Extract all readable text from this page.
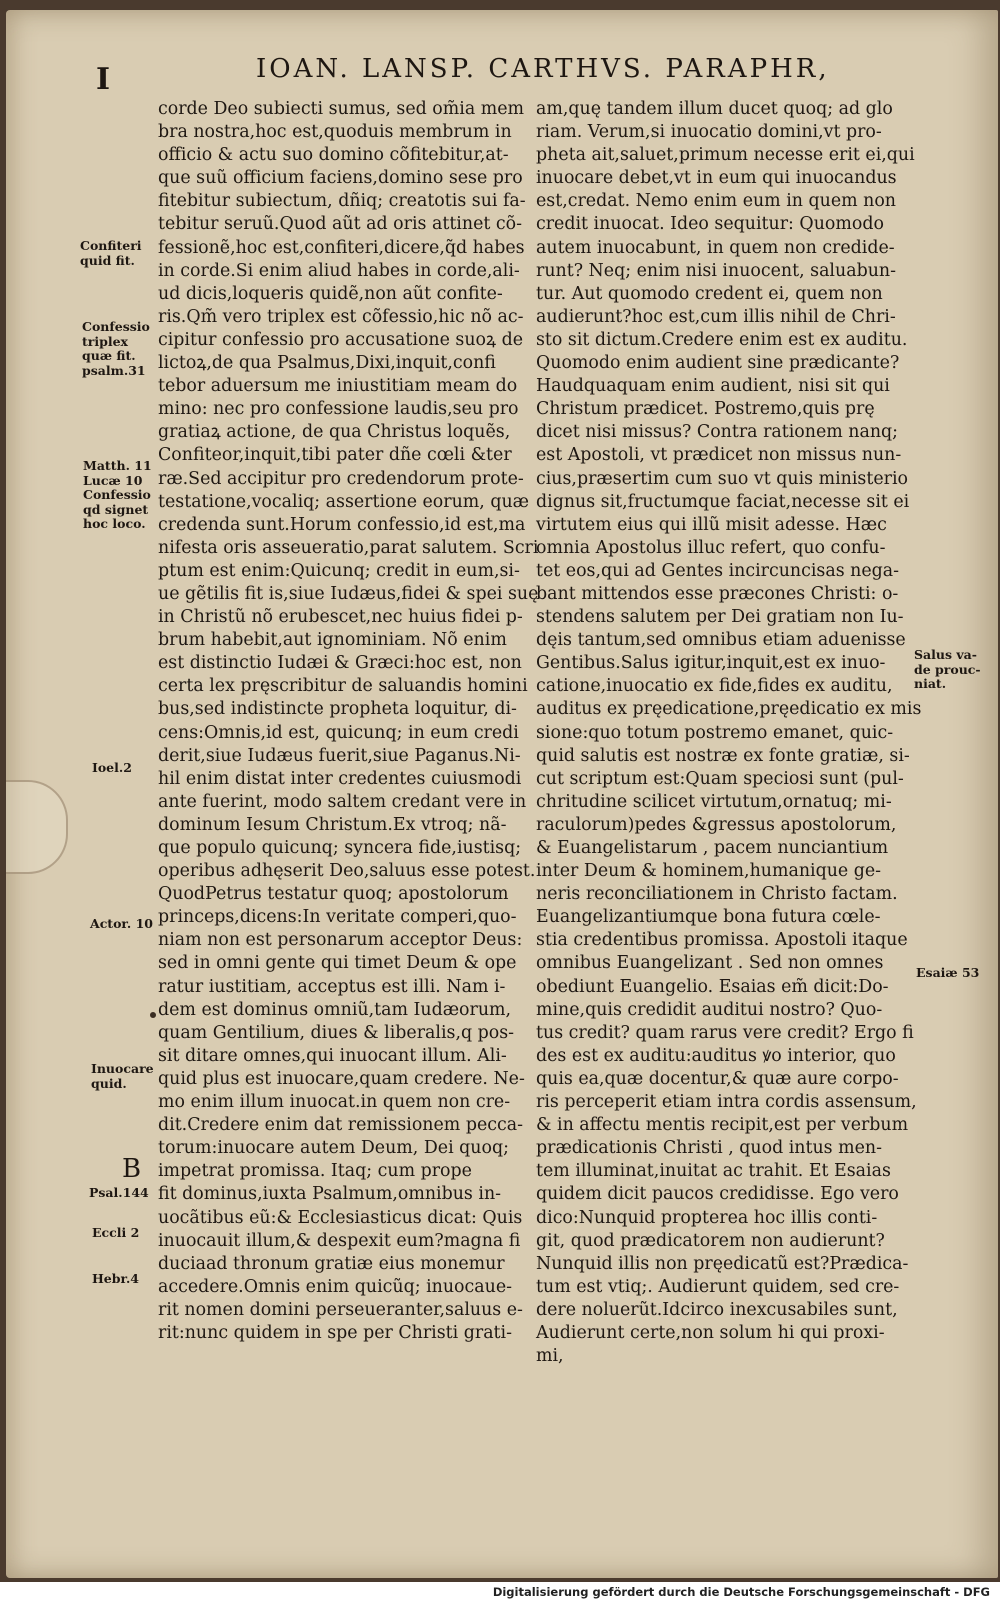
I	IOAN. LANSP. CARTHVS. PARAPHR,
corde Deo subiecti sumus, sed om̃ia mem
bra nostra,hoc est,quoduis membrum in
officio & actu suo domino cõfitebitur,at-
que suũ officium faciens,domino sese pro
fitebitur subiectum, dñiq; creatotis sui fa-
tebitur seruũ.Quod aũt ad oris attinet cõ-
fessionẽ,hoc est,confiteri,dicere,q̃d habes
in corde.Si enim aliud habes in corde,ali-
ud dicis,loqueris quidẽ,non aũt confite-
ris.Qm̃ vero triplex est cõfessio,hic nõ ac-
cipitur confessio pro accusatione suoꝝ de
lictoꝝ,de qua Psalmus,Dixi,inquit,confi
tebor aduersum me iniustitiam meam do
mino: nec pro confessione laudis,seu pro
gratiaꝝ actione, de qua Christus loquẽs,
Confiteor,inquit,tibi pater dñe cœli &ter
ræ.Sed accipitur pro credendorum prote-
testatione,vocaliq; assertione eorum, quæ
credenda sunt.Horum confessio,id est,ma
nifesta oris asseueratio,parat salutem. Scri
ptum est enim:Quicunq; credit in eum,si-
ue gẽtilis fit is,siue Iudæus,fidei & spei suę
in Christũ nõ erubescet,nec huius fidei p-
brum habebit,aut ignominiam. Nõ enim
est distinctio Iudæi & Græci:hoc est, non
certa lex pręscribitur de saluandis homini
bus,sed indistincte propheta loquitur, di-
cens:Omnis,id est, quicunq; in eum credi
derit,siue Iudæus fuerit,siue Paganus.Ni-
hil enim distat inter credentes cuiusmodi
ante fuerint, modo saltem credant vere in
dominum Iesum Christum.Ex vtroq; nã-
que populo quicunq; syncera fide,iustisq;
operibus adhęserit Deo,saluus esse potest.
QuodPetrus testatur quoq; apostolorum
princeps,dicens:In veritate comperi,quo-
niam non est personarum acceptor Deus:
sed in omni gente qui timet Deum & ope
ratur iustitiam, acceptus est illi. Nam i-
dem est dominus omniũ,tam Iudæorum,
quam Gentilium, diues & liberalis,q pos-
sit ditare omnes,qui inuocant illum. Ali-
quid plus est inuocare,quam credere. Ne-
mo enim illum inuocat.in quem non cre-
dit.Credere enim dat remissionem pecca-
torum:inuocare autem Deum, Dei quoq;
impetrat promissa. Itaq; cum prope
fit dominus,iuxta Psalmum,omnibus in-
uocãtibus eũ:& Ecclesiasticus dicat: Quis
inuocauit illum,& despexit eum?magna fi
duciaad thronum gratiæ eius monemur
accedere.Omnis enim quicũq; inuocaue-
rit nomen domini perseueranter,saluus e-
rit:nunc quidem in spe per Christi grati-
am,quę tandem illum ducet quoq; ad glo
riam. Verum,si inuocatio domini,vt pro-
pheta ait,saluet,primum necesse erit ei,qui
inuocare debet,vt in eum qui inuocandus
est,credat. Nemo enim eum in quem non
credit inuocat. Ideo sequitur: Quomodo
autem inuocabunt, in quem non credide-
runt? Neq; enim nisi inuocent, saluabun-
tur. Aut quomodo credent ei, quem non
audierunt?hoc est,cum illis nihil de Chri-
sto sit dictum.Credere enim est ex auditu.
Quomodo enim audient sine prædicante?
Haudquaquam enim audient, nisi sit qui
Christum prædicet. Postremo,quis prę
dicet nisi missus? Contra rationem nanq;
est Apostoli, vt prædicet non missus nun-
cius,præsertim cum suo vt quis ministerio
dignus sit,fructumque faciat,necesse sit ei
virtutem eius qui illũ misit adesse. Hæc
omnia Apostolus illuc refert, quo confu-
tet eos,qui ad Gentes incircuncisas nega-
bant mittendos esse præcones Christi: o-
stendens salutem per Dei gratiam non Iu-
dęis tantum,sed omnibus etiam aduenisse
Gentibus.Salus igitur,inquit,est ex inuo-
catione,inuocatio ex fide,fides ex auditu,
auditus ex pręedicatione,pręedicatio ex mis
sione:quo totum postremo emanet, quic-
quid salutis est nostræ ex fonte gratiæ, si-
cut scriptum est:Quam speciosi sunt (pul-
chritudine scilicet virtutum,ornatuq; mi-
raculorum)pedes &gressus apostolorum,
& Euangelistarum , pacem nunciantium
inter Deum & hominem,humanique ge-
neris reconciliationem in Christo factam.
Euangelizantiumque bona futura cœle-
stia credentibus promissa. Apostoli itaque
omnibus Euangelizant . Sed non omnes
obediunt Euangelio. Esaias em̃ dicit:Do-
mine,quis credidit auditui nostro? Quo-
tus credit? quam rarus vere credit? Ergo fi
des est ex auditu:auditus ꝟo interior, quo
quis ea,quæ docentur,& quæ aure corpo-
ris perceperit etiam intra cordis assensum,
& in affectu mentis recipit,est per verbum
prædicationis Christi , quod intus men-
tem illuminat,inuitat ac trahit. Et Esaias
quidem dicit paucos credidisse. Ego vero
dico:Nunquid propterea hoc illis conti-
git, quod prædicatorem non audierunt?
Nunquid illis non pręedicatũ est?Prædica-
tum est vtiq;. Audierunt quidem, sed cre-
dere noluerũt.Idcirco inexcusabiles sunt,
Audierunt certe,non solum hi qui proxi-
mi,
Confiteri
quid fit.
Confessio
triplex
quæ fit.
psalm.31
Matth. 11
Lucæ 10
Confessio
qd signet
hoc loco.
Ioel.2
Actor. 10
Inuocare
quid.
B
Psal.144
Eccli 2
Hebr.4
Salus va-
de prouc-
niat.
Esaiæ 53
Digitalisierung gefördert durch die Deutsche Forschungsgemeinschaft - DFG
